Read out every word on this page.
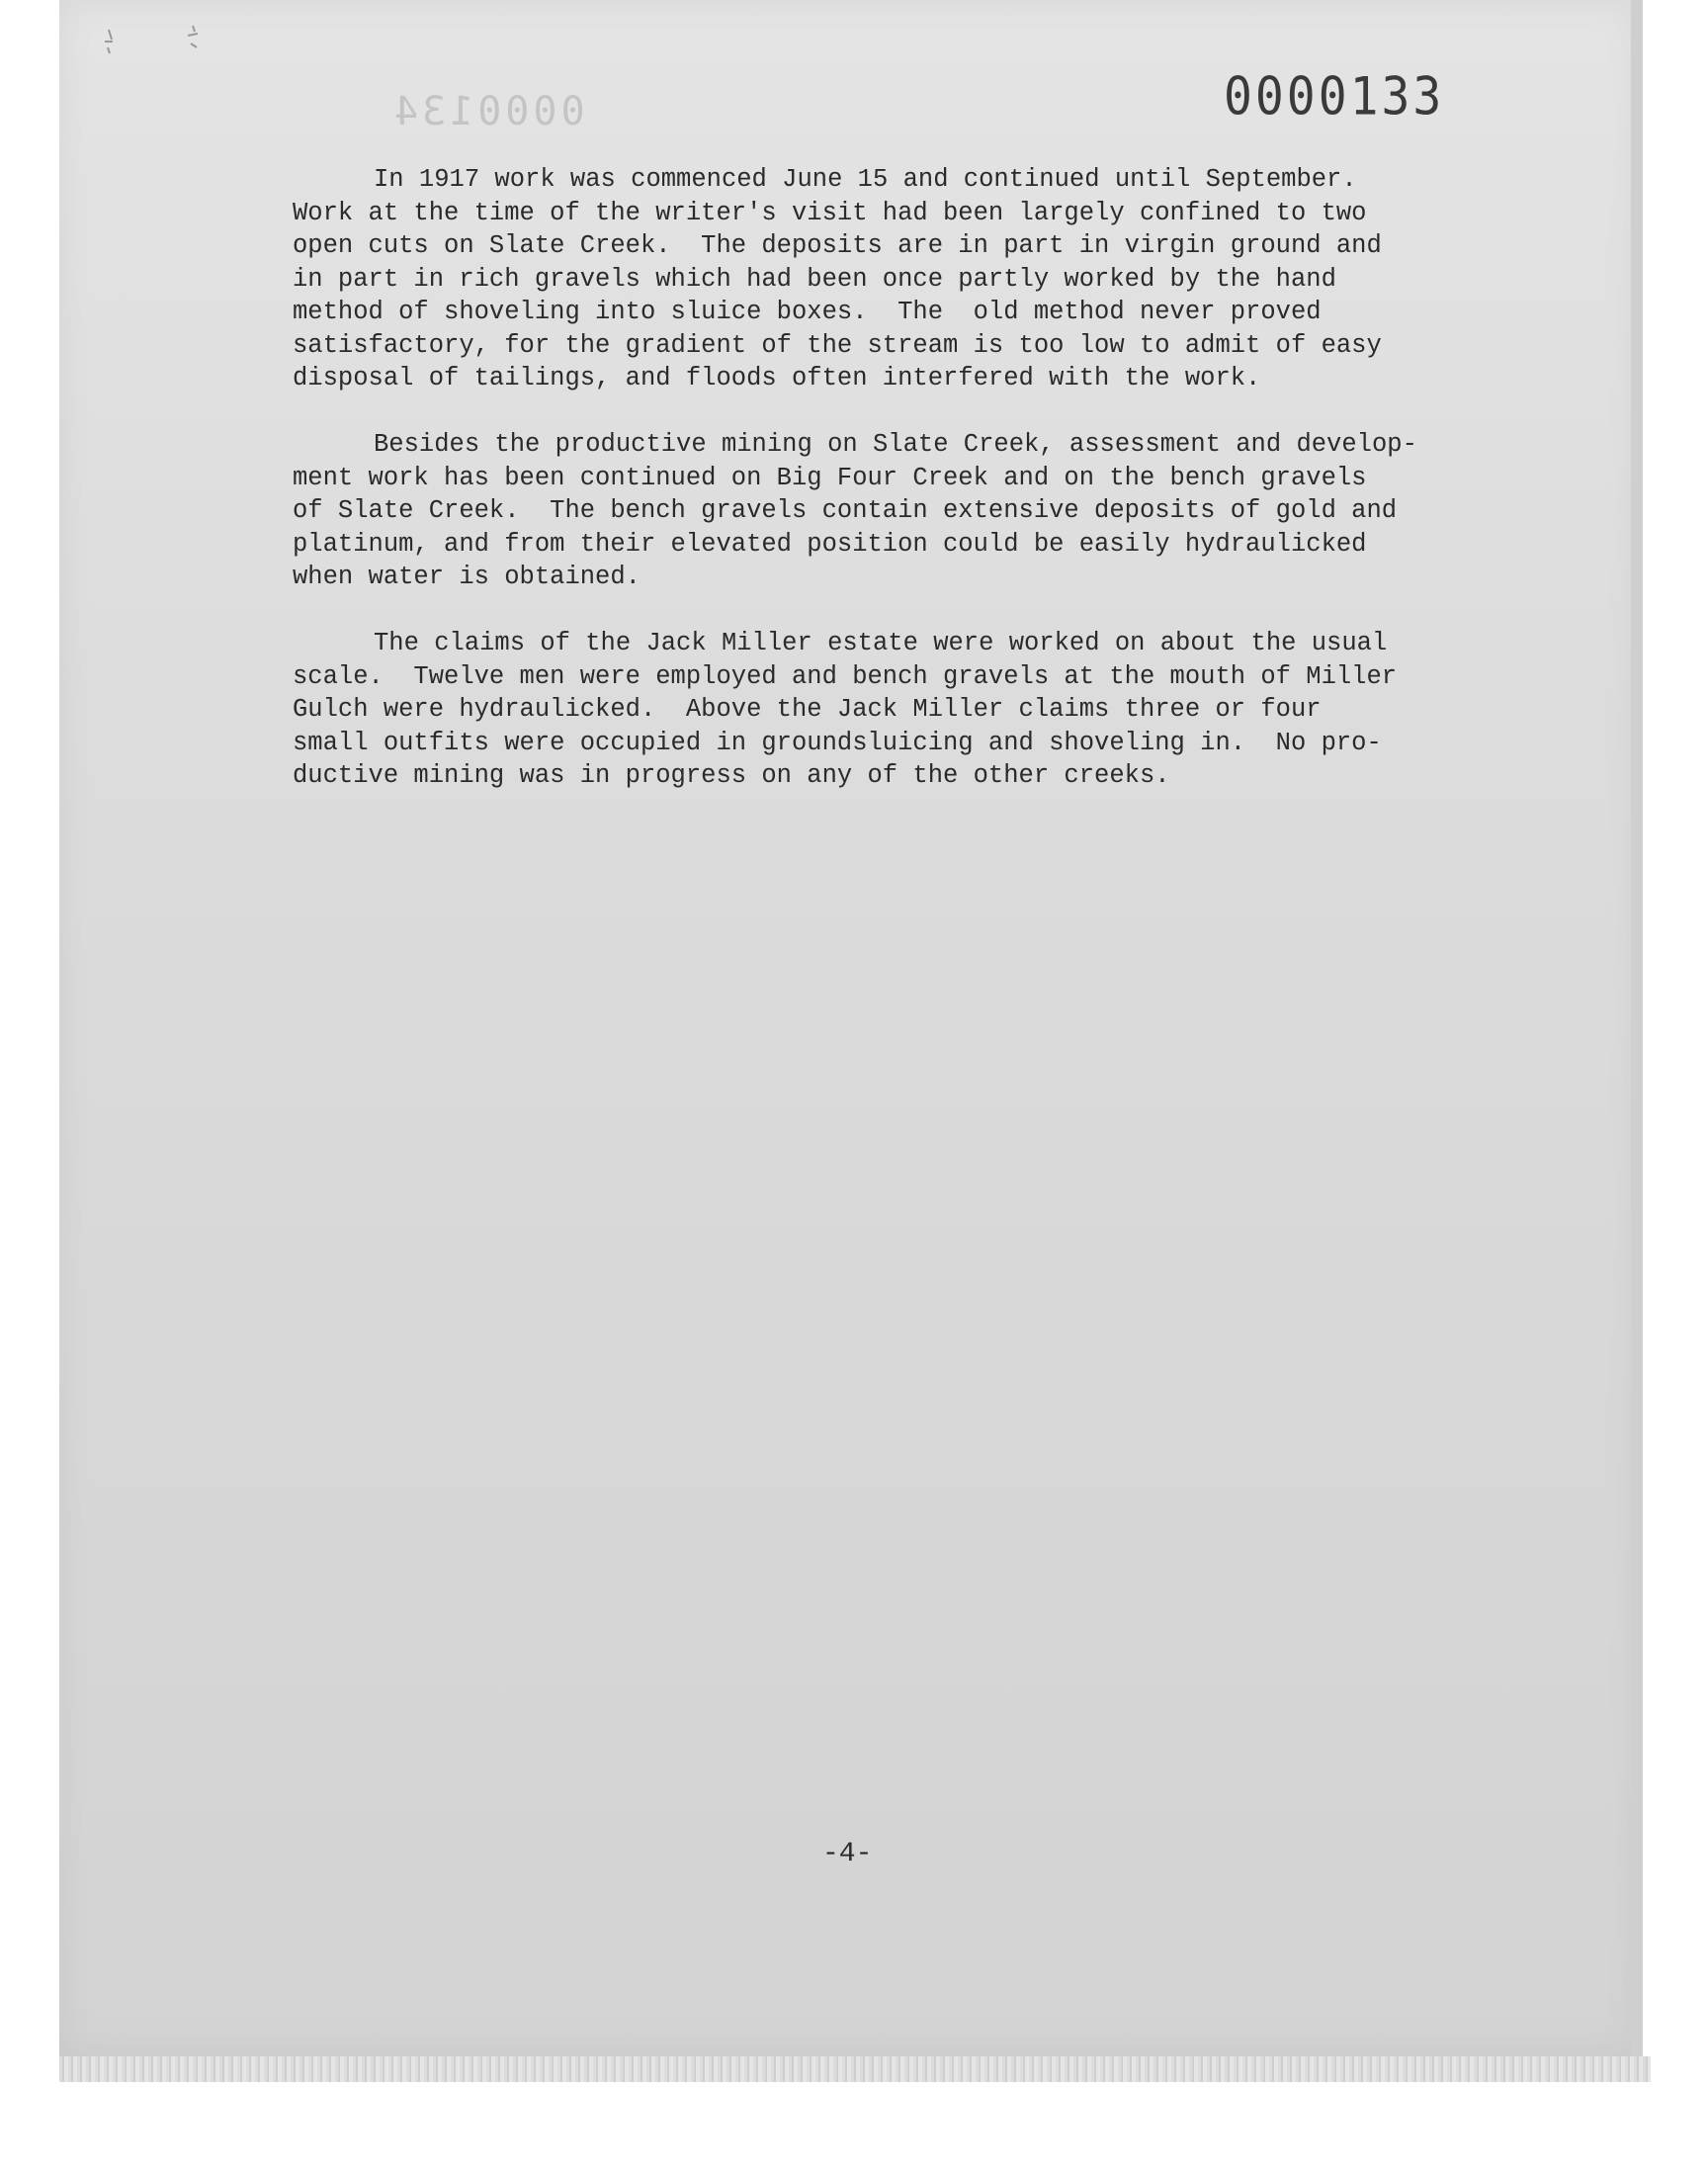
0000134	0000133
In 1917 work was commenced June 15 and continued until September.
Work at the time of the writer's visit had been largely confined to two
open cuts on Slate Creek.  The deposits are in part in virgin ground and
in part in rich gravels which had been once partly worked by the hand
method of shoveling into sluice boxes.  The  old method never proved
satisfactory, for the gradient of the stream is too low to admit of easy
disposal of tailings, and floods often interfered with the work.
Besides the productive mining on Slate Creek, assessment and develop-
ment work has been continued on Big Four Creek and on the bench gravels
of Slate Creek.  The bench gravels contain extensive deposits of gold and
platinum, and from their elevated position could be easily hydraulicked
when water is obtained.
The claims of the Jack Miller estate were worked on about the usual
scale.  Twelve men were employed and bench gravels at the mouth of Miller
Gulch were hydraulicked.  Above the Jack Miller claims three or four
small outfits were occupied in groundsluicing and shoveling in.  No pro-
ductive mining was in progress on any of the other creeks.
-4-
